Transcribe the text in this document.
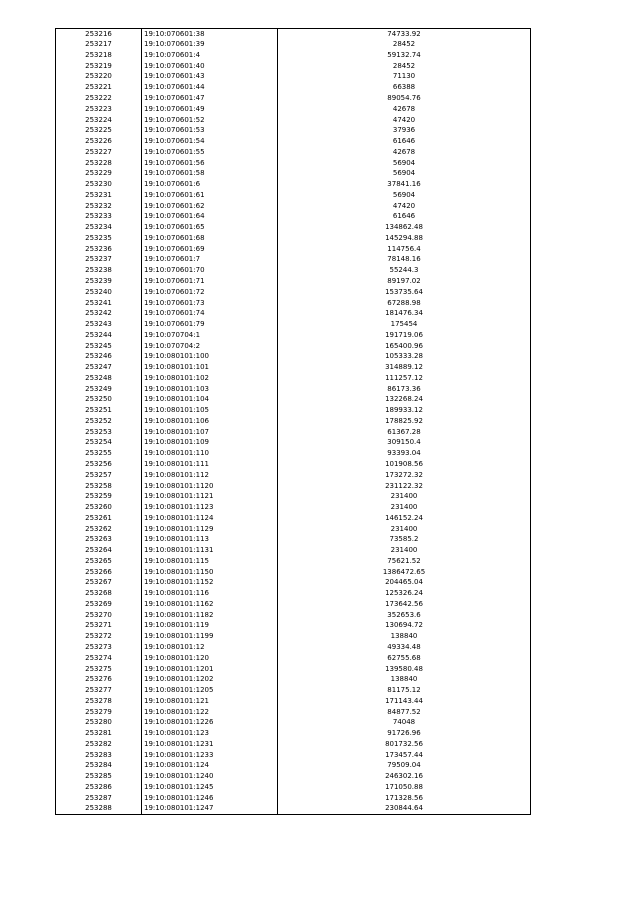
253216	19:10:070601:38	74733.92
253217	19:10:070601:39	28452
253218	19:10:070601:4	59132.74
253219	19:10:070601:40	28452
253220	19:10:070601:43	71130
253221	19:10:070601:44	66388
253222	19:10:070601:47	89054.76
253223	19:10:070601:49	42678
253224	19:10:070601:52	47420
253225	19:10:070601:53	37936
253226	19:10:070601:54	61646
253227	19:10:070601:55	42678
253228	19:10:070601:56	56904
253229	19:10:070601:58	56904
253230	19:10:070601:6	37841.16
253231	19:10:070601:61	56904
253232	19:10:070601:62	47420
253233	19:10:070601:64	61646
253234	19:10:070601:65	134862.48
253235	19:10:070601:68	145294.88
253236	19:10:070601:69	114756.4
253237	19:10:070601:7	78148.16
253238	19:10:070601:70	55244.3
253239	19:10:070601:71	89197.02
253240	19:10:070601:72	153735.64
253241	19:10:070601:73	67288.98
253242	19:10:070601:74	181476.34
253243	19:10:070601:79	175454
253244	19:10:070704:1	191719.06
253245	19:10:070704:2	165400.96
253246	19:10:080101:100	105333.28
253247	19:10:080101:101	314889.12
253248	19:10:080101:102	111257.12
253249	19:10:080101:103	86173.36
253250	19:10:080101:104	132268.24
253251	19:10:080101:105	189933.12
253252	19:10:080101:106	178825.92
253253	19:10:080101:107	61367.28
253254	19:10:080101:109	309150.4
253255	19:10:080101:110	93393.04
253256	19:10:080101:111	101908.56
253257	19:10:080101:112	173272.32
253258	19:10:080101:1120	231122.32
253259	19:10:080101:1121	231400
253260	19:10:080101:1123	231400
253261	19:10:080101:1124	146152.24
253262	19:10:080101:1129	231400
253263	19:10:080101:113	73585.2
253264	19:10:080101:1131	231400
253265	19:10:080101:115	75621.52
253266	19:10:080101:1150	1386472.65
253267	19:10:080101:1152	204465.04
253268	19:10:080101:116	125326.24
253269	19:10:080101:1162	173642.56
253270	19:10:080101:1182	352653.6
253271	19:10:080101:119	130694.72
253272	19:10:080101:1199	138840
253273	19:10:080101:12	49334.48
253274	19:10:080101:120	62755.68
253275	19:10:080101:1201	139580.48
253276	19:10:080101:1202	138840
253277	19:10:080101:1205	81175.12
253278	19:10:080101:121	171143.44
253279	19:10:080101:122	84877.52
253280	19:10:080101:1226	74048
253281	19:10:080101:123	91726.96
253282	19:10:080101:1231	801732.56
253283	19:10:080101:1233	173457.44
253284	19:10:080101:124	79509.04
253285	19:10:080101:1240	246302.16
253286	19:10:080101:1245	171050.88
253287	19:10:080101:1246	171328.56
253288	19:10:080101:1247	230844.64
